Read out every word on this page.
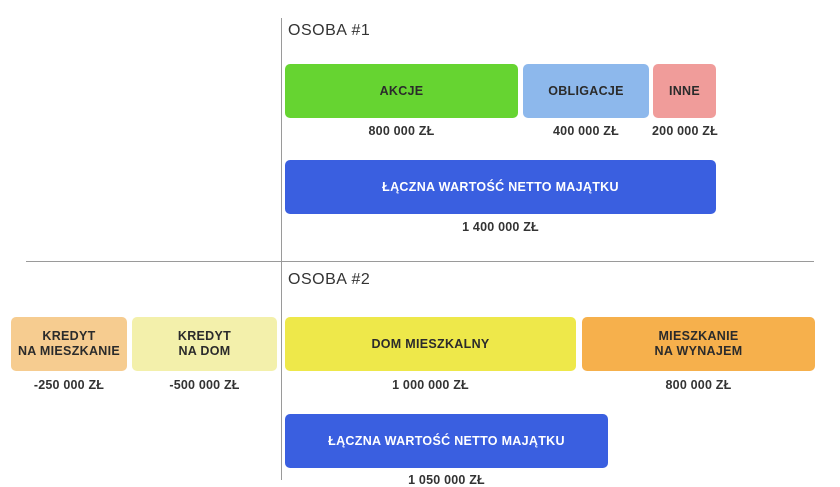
OSOBA #1
AKCJE	OBLIGACJE	INNE
800 000 ZŁ	400 000 ZŁ	200 000 ZŁ
ŁĄCZNA WARTOŚĆ NETTO MAJĄTKU
1 400 000 ZŁ
OSOBA #2
KREDYT
NA MIESZKANIE
KREDYT
NA DOM
DOM MIESZKALNY
MIESZKANIE
NA WYNAJEM
-250 000 ZŁ	-500 000 ZŁ	1 000 000 ZŁ	800 000 ZŁ
ŁĄCZNA WARTOŚĆ NETTO MAJĄTKU
1 050 000 ZŁ
